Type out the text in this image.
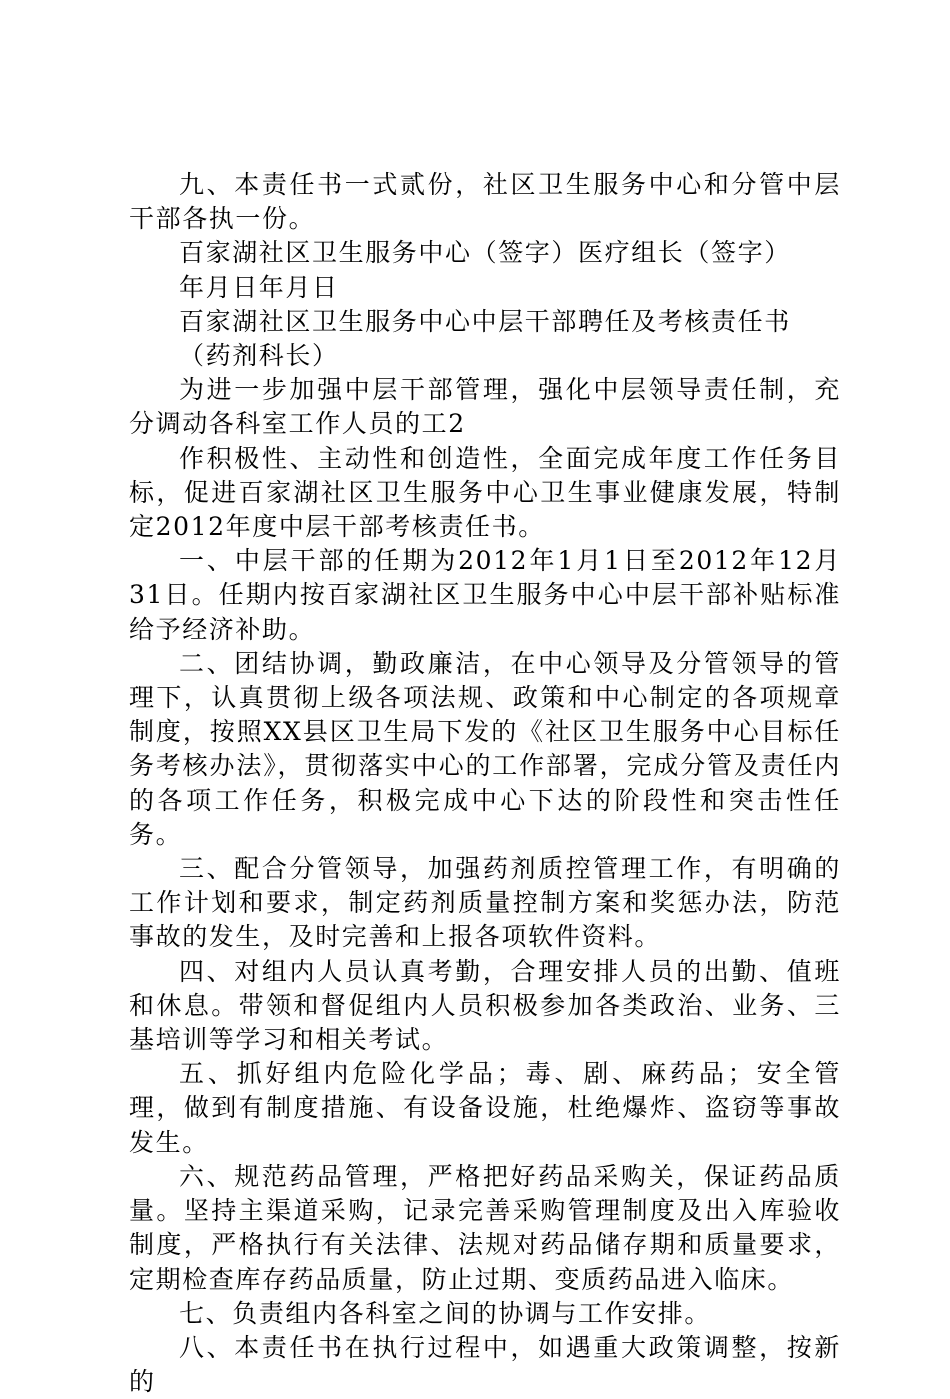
九、本责任书一式贰份，社区卫生服务中心和分管中层干部各执一份。

百家湖社区卫生服务中心（签字）医疗组长（签字）

年月日年月日

百家湖社区卫生服务中心中层干部聘任及考核责任书

（药剂科长）

为进一步加强中层干部管理，强化中层领导责任制，充分调动各科室工作人员的工2

作积极性、主动性和创造性，全面完成年度工作任务目标，促进百家湖社区卫生服务中心卫生事业健康发展，特制定2012年度中层干部考核责任书。

一、中层干部的任期为2012年1月1日至2012年12月31日。任期内按百家湖社区卫生服务中心中层干部补贴标准给予经济补助。

二、团结协调，勤政廉洁，在中心领导及分管领导的管理下，认真贯彻上级各项法规、政策和中心制定的各项规章制度，按照XX县区卫生局下发的《社区卫生服务中心目标任务考核办法》，贯彻落实中心的工作部署，完成分管及责任内的各项工作任务，积极完成中心下达的阶段性和突击性任务。

三、配合分管领导，加强药剂质控管理工作，有明确的工作计划和要求，制定药剂质量控制方案和奖惩办法，防范事故的发生，及时完善和上报各项软件资料。

四、对组内人员认真考勤，合理安排人员的出勤、值班和休息。带领和督促组内人员积极参加各类政治、业务、三基培训等学习和相关考试。

五、抓好组内危险化学品；毒、剧、麻药品；安全管理，做到有制度措施、有设备设施，杜绝爆炸、盗窃等事故发生。

六、规范药品管理，严格把好药品采购关，保证药品质量。坚持主渠道采购，记录完善采购管理制度及出入库验收制度，严格执行有关法律、法规对药品储存期和质量要求，定期检查库存药品质量，防止过期、变质药品进入临床。

七、负责组内各科室之间的协调与工作安排。

八、本责任书在执行过程中，如遇重大政策调整，按新的
